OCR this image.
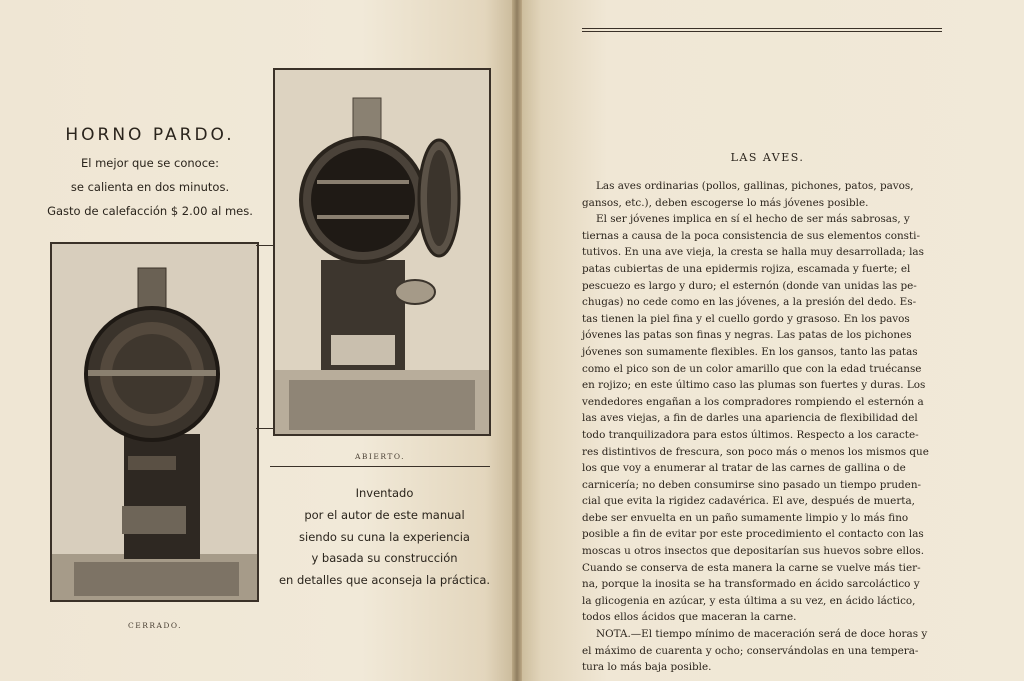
HORNO PARDO.
El mejor que se conoce:
se calienta en dos minutos.
Gasto de calefacción $ 2.00 al mes.
ABIERTO.
CERRADO.
Inventado
por el autor de este manual
siendo su cuna la experiencia
y basada su construcción
en detalles que aconseja la práctica.
LAS AVES.
Las aves ordinarias (pollos, gallinas, pichones, patos, pavos,
gansos, etc.), deben escogerse lo más jóvenes posible.
El ser jóvenes implica en sí el hecho de ser más sabrosas, y
tiernas a causa de la poca consistencia de sus elementos consti-
tutivos. En una ave vieja, la cresta se halla muy desarrollada; las
patas cubiertas de una epidermis rojiza, escamada y fuerte; el
pescuezo es largo y duro; el esternón (donde van unidas las pe-
chugas) no cede como en las jóvenes, a la presión del dedo. Es-
tas tienen la piel fina y el cuello gordo y grasoso. En los pavos
jóvenes las patas son finas y negras. Las patas de los pichones
jóvenes son sumamente flexibles. En los gansos, tanto las patas
como el pico son de un color amarillo que con la edad truécanse
en rojizo; en este último caso las plumas son fuertes y duras. Los
vendedores engañan a los compradores rompiendo el esternón a
las aves viejas, a fin de darles una apariencia de flexibilidad del
todo tranquilizadora para estos últimos. Respecto a los caracte-
res distintivos de frescura, son poco más o menos los mismos que
los que voy a enumerar al tratar de las carnes de gallina o de
carnicería; no deben consumirse sino pasado un tiempo pruden-
cial que evita la rigidez cadavérica. El ave, después de muerta,
debe ser envuelta en un paño sumamente limpio y lo más fino
posible a fin de evitar por este procedimiento el contacto con las
moscas u otros insectos que depositarían sus huevos sobre ellos.
Cuando se conserva de esta manera la carne se vuelve más tier-
na, porque la inosita se ha transformado en ácido sarcoláctico y
la glicogenia en azúcar, y esta última a su vez, en ácido láctico,
todos ellos ácidos que maceran la carne.
NOTA.—El tiempo mínimo de maceración será de doce horas y
el máximo de cuarenta y ocho; conservándolas en una tempera-
tura lo más baja posible.
